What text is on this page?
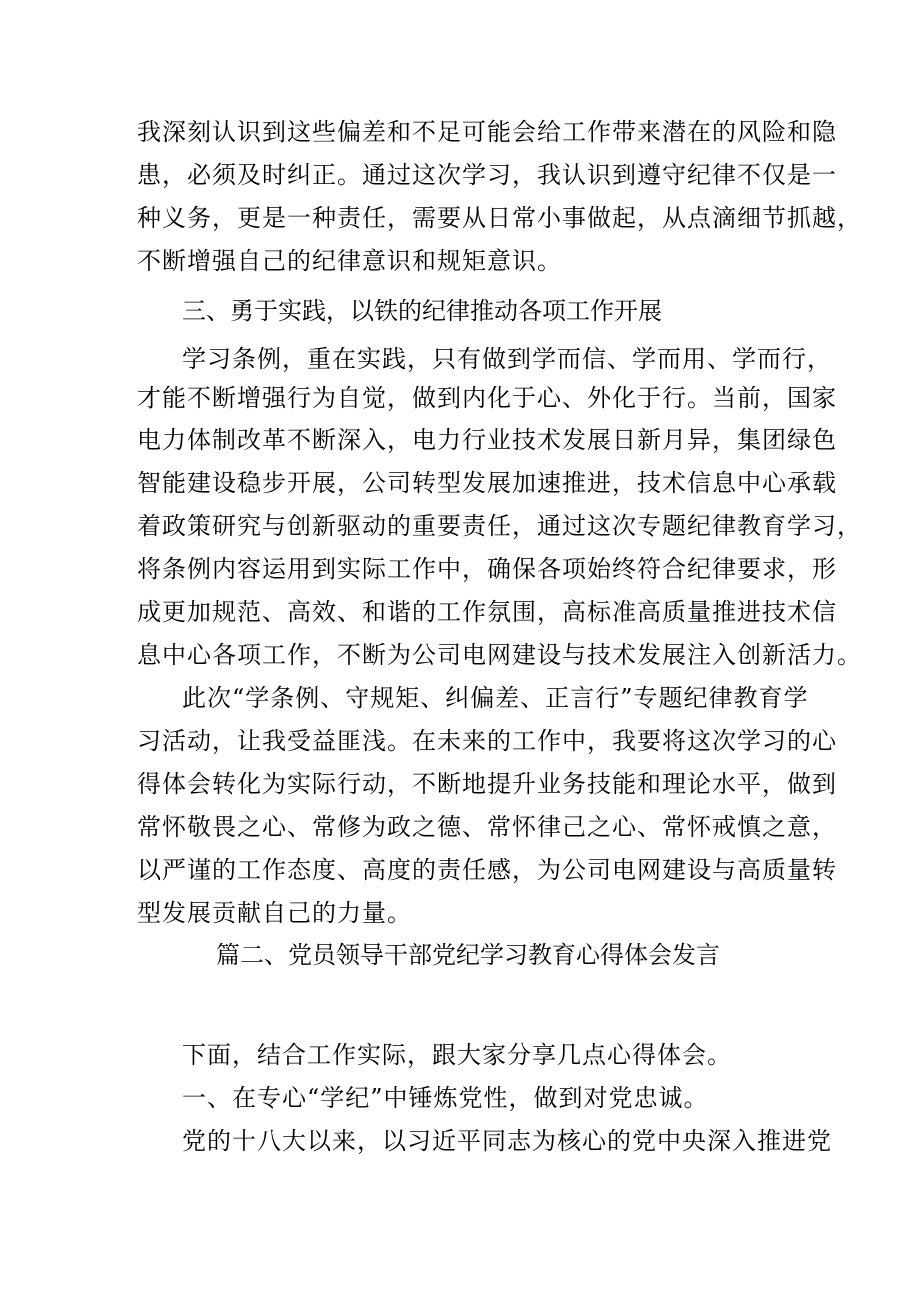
我深刻认识到这些偏差和不足可能会给工作带来潜在的风险和隐
患，必须及时纠正。通过这次学习，我认识到遵守纪律不仅是一
种义务，更是一种责任，需要从日常小事做起，从点滴细节抓越，
不断增强自己的纪律意识和规矩意识。
三、勇于实践，以铁的纪律推动各项工作开展
学习条例，重在实践，只有做到学而信、学而用、学而行，
才能不断增强行为自觉，做到内化于心、外化于行。当前，国家
电力体制改革不断深入，电力行业技术发展日新月异，集团绿色
智能建设稳步开展，公司转型发展加速推进，技术信息中心承载
着政策研究与创新驱动的重要责任，通过这次专题纪律教育学习，
将条例内容运用到实际工作中，确保各项始终符合纪律要求，形
成更加规范、高效、和谐的工作氛围，高标准高质量推进技术信
息中心各项工作，不断为公司电网建设与技术发展注入创新活力。
此次“学条例、守规矩、纠偏差、正言行”专题纪律教育学
习活动，让我受益匪浅。在未来的工作中，我要将这次学习的心
得体会转化为实际行动，不断地提升业务技能和理论水平，做到
常怀敬畏之心、常修为政之德、常怀律己之心、常怀戒慎之意，
以严谨的工作态度、高度的责任感，为公司电网建设与高质量转
型发展贡献自己的力量。
篇二、党员领导干部党纪学习教育心得体会发言
下面，结合工作实际，跟大家分享几点心得体会。
一、在专心“学纪”中锤炼党性，做到对党忠诚。
党的十八大以来，以习近平同志为核心的党中央深入推进党
